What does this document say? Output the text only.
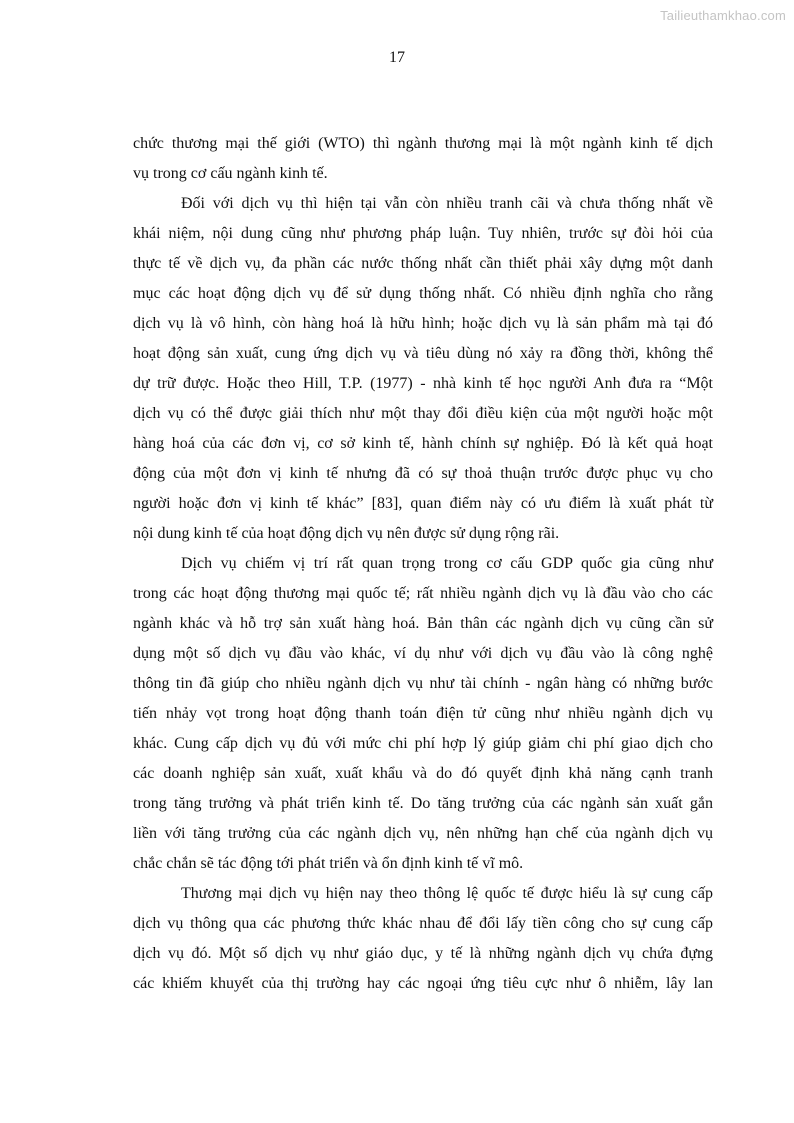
Tailieuthamkhao.com
17
chức thương mại thế giới (WTO) thì ngành thương mại là một ngành kinh tế dịch
vụ trong cơ cấu ngành kinh tế.
Đối với dịch vụ thì hiện tại vẫn còn nhiều tranh cãi và chưa thống nhất về
khái niệm, nội dung cũng như phương pháp luận. Tuy nhiên, trước sự đòi hỏi của
thực tế về dịch vụ, đa phần các nước thống nhất cần thiết phải xây dựng một danh
mục các hoạt động dịch vụ để sử dụng thống nhất. Có nhiều định nghĩa cho rằng
dịch vụ là vô hình, còn hàng hoá là hữu hình; hoặc dịch vụ là sản phẩm mà tại đó
hoạt động sản xuất, cung ứng dịch vụ và tiêu dùng nó xảy ra đồng thời, không thể
dự trữ được. Hoặc theo Hill, T.P. (1977) - nhà kinh tế học người Anh đưa ra “Một
dịch vụ có thể được giải thích như một thay đổi điều kiện của một người hoặc một
hàng hoá của các đơn vị, cơ sở kinh tế, hành chính sự nghiệp. Đó là kết quả hoạt
động của một đơn vị kinh tế nhưng đã có sự thoả thuận trước được phục vụ cho
người hoặc đơn vị kinh tế khác” [83], quan điểm này có ưu điểm là xuất phát từ
nội dung kinh tế của hoạt động dịch vụ nên được sử dụng rộng rãi.
Dịch vụ chiếm vị trí rất quan trọng trong cơ cấu GDP quốc gia cũng như
trong các hoạt động thương mại quốc tế; rất nhiều ngành dịch vụ là đầu vào cho các
ngành khác và hỗ trợ sản xuất hàng hoá. Bản thân các ngành dịch vụ cũng cần sử
dụng một số dịch vụ đầu vào khác, ví dụ như với dịch vụ đầu vào là công nghệ
thông tin đã giúp cho nhiều ngành dịch vụ như tài chính - ngân hàng có những bước
tiến nhảy vọt trong hoạt động thanh toán điện tử cũng như nhiều ngành dịch vụ
khác. Cung cấp dịch vụ đủ với mức chi phí hợp lý giúp giảm chi phí giao dịch cho
các doanh nghiệp sản xuất, xuất khẩu và do đó quyết định khả năng cạnh tranh
trong tăng trưởng và phát triển kinh tế. Do tăng trưởng của các ngành sản xuất gắn
liền với tăng trưởng của các ngành dịch vụ, nên những hạn chế của ngành dịch vụ
chắc chắn sẽ tác động tới phát triển và ổn định kinh tế vĩ mô.
Thương mại dịch vụ hiện nay theo thông lệ quốc tế được hiểu là sự cung cấp
dịch vụ thông qua các phương thức khác nhau để đổi lấy tiền công cho sự cung cấp
dịch vụ đó. Một số dịch vụ như giáo dục, y tế là những ngành dịch vụ chứa đựng
các khiếm khuyết của thị trường hay các ngoại ứng tiêu cực như ô nhiễm, lây lan
